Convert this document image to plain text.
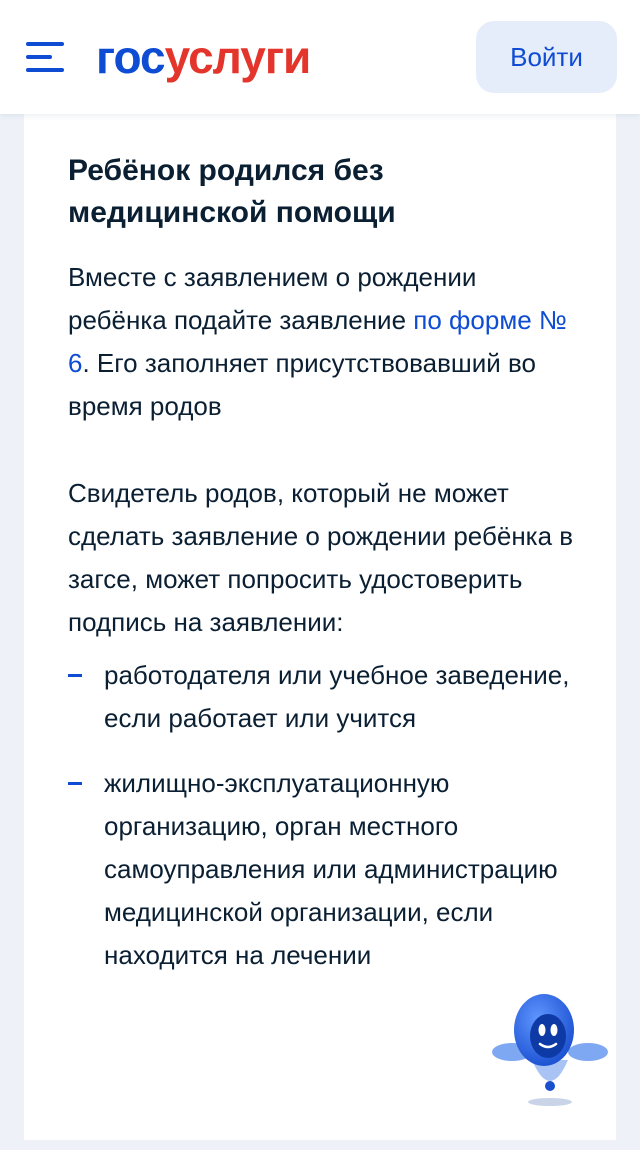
госуслуги	Войти
Ребёнок родился без медицинской помощи

Вместе с заявлением о рождении ребёнка подайте заявление по форме № 6. Его заполняет присутствовавший во время родов

Свидетель родов, который не может сделать заявление о рождении ребёнка в загсе, может попросить удостоверить подпись на заявлении:

работодателя или учебное заведение, если работает или учится
жилищно-эксплуатационную организацию, орган местного самоуправления или администрацию медицинской организации, если находится на лечении
